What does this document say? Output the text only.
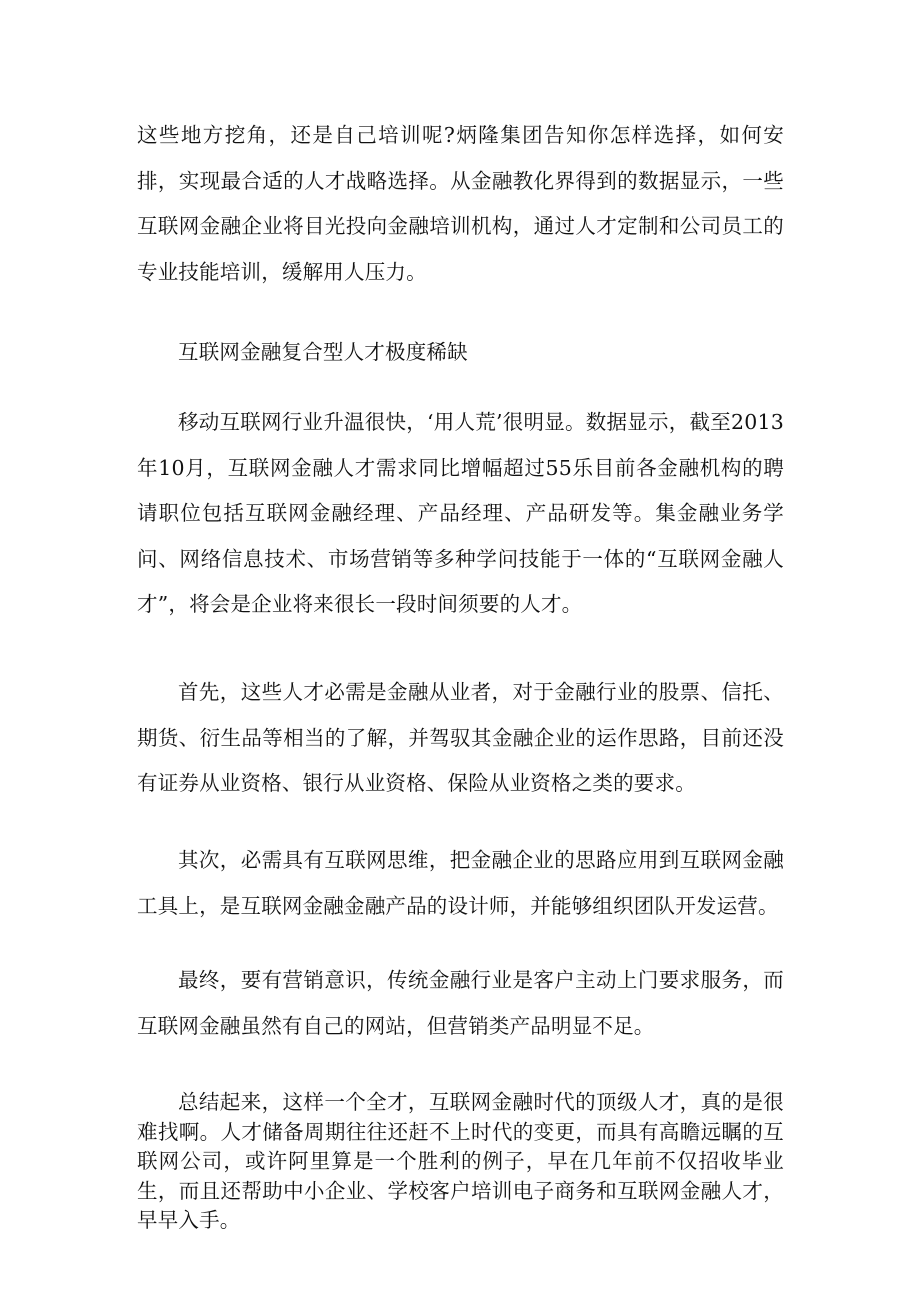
这些地方挖角，还是自己培训呢?炳隆集团告知你怎样选择，如何安排，实现最合适的人才战略选择。从金融教化界得到的数据显示，一些互联网金融企业将目光投向金融培训机构，通过人才定制和公司员工的专业技能培训，缓解用人压力。

互联网金融复合型人才极度稀缺

移动互联网行业升温很快，‘用人荒’很明显。数据显示，截至2013年10月，互联网金融人才需求同比增幅超过55乐目前各金融机构的聘请职位包括互联网金融经理、产品经理、产品研发等。集金融业务学问、网络信息技术、市场营销等多种学问技能于一体的“互联网金融人才”，将会是企业将来很长一段时间须要的人才。

首先，这些人才必需是金融从业者，对于金融行业的股票、信托、期货、衍生品等相当的了解，并驾驭其金融企业的运作思路，目前还没有证券从业资格、银行从业资格、保险从业资格之类的要求。

其次，必需具有互联网思维，把金融企业的思路应用到互联网金融工具上，是互联网金融金融产品的设计师，并能够组织团队开发运营。

最终，要有营销意识，传统金融行业是客户主动上门要求服务，而互联网金融虽然有自己的网站，但营销类产品明显不足。

总结起来，这样一个全才，互联网金融时代的顶级人才，真的是很难找啊。人才储备周期往往还赶不上时代的变更，而具有高瞻远瞩的互联网公司，或许阿里算是一个胜利的例子，早在几年前不仅招收毕业生，而且还帮助中小企业、学校客户培训电子商务和互联网金融人才，早早入手。
